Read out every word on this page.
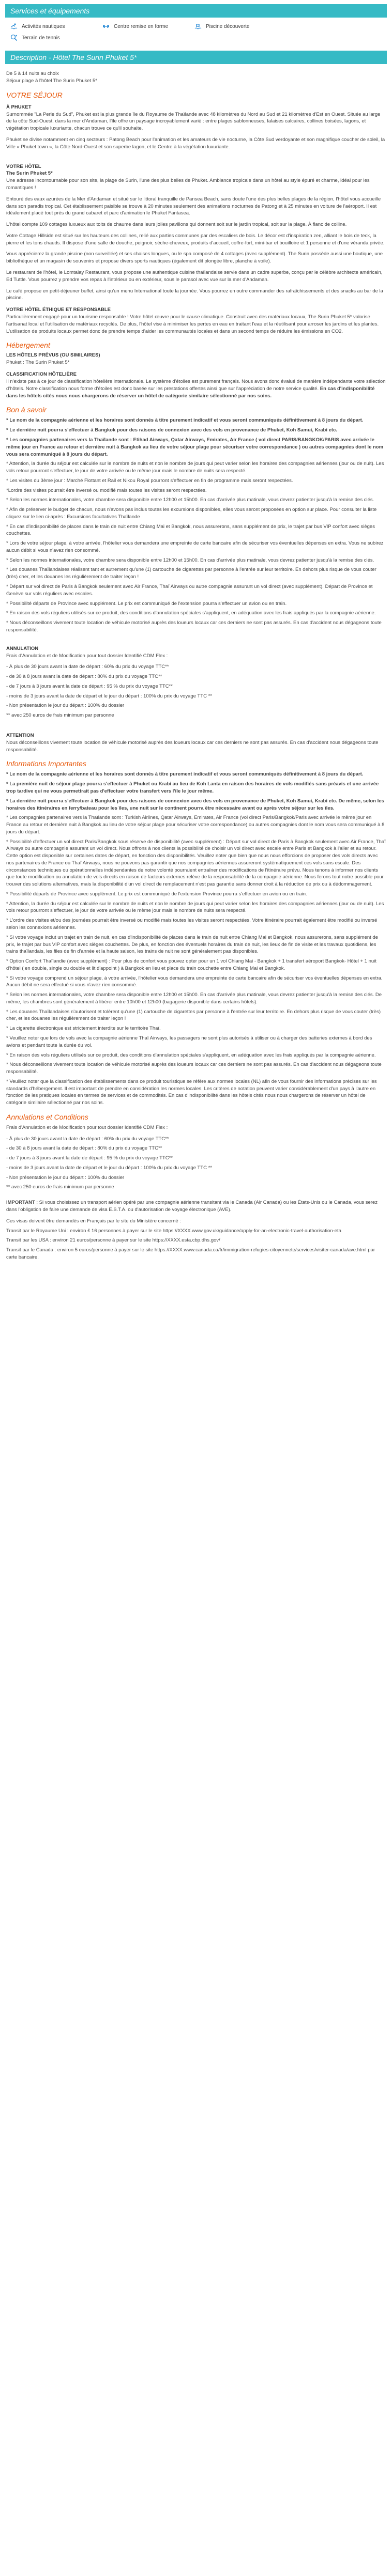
Services et équipements
Activités nautiques	Centre remise en forme	Piscine découverte
Terrain de tennis
Description - Hôtel The Surin Phuket 5*

De 5 à 14 nuits au choix

Séjour plage à l'hôtel The Surin Phuket 5*

VOTRE SÉJOUR
À PHUKET

Surnommée "La Perle du Sud", Phuket est la plus grande île du Royaume de Thaïlande avec 48 kilomètres du Nord au Sud et 21 kilomètres d'Est en Ouest. Située au large de la côte Sud-Ouest, dans la mer d'Andaman, l'île offre un paysage incroyablement varié : entre plages sablonneuses, falaises calcaires, collines boisées, lagons, et végétation tropicale luxuriante, chacun trouve ce qu'il souhaite.

Phuket se divise notamment en cinq secteurs : Patong Beach pour l'animation et les amateurs de vie nocturne, la Côte Sud verdoyante et son magnifique coucher de soleil, la Ville « Phuket town », la Côte Nord-Ouest et son superbe lagon, et le Centre à la végétation luxuriante.

VOTRE HÔTEL
The Surin Phuket 5*

Une adresse incontournable pour son site, la plage de Surin, l'une des plus belles de Phuket. Ambiance tropicale dans un hôtel au style épuré et charme, idéal pour les romantiques !

Entouré des eaux azurées de la Mer d'Andaman et situé sur le littoral tranquille de Pansea Beach, sans doute l'une des plus belles plages de la région, l'hôtel vous accueille dans son paradis tropical. Cet établissement paisible se trouve à 20 minutes seulement des animations nocturnes de Patong et à 25 minutes en voiture de l'aéroport. Il est idéalement placé tout près du grand cabaret et parc d'animation le Phuket Fantasea.

L'hôtel compte 109 cottages luxueux aux toits de chaume dans leurs jolies pavillons qui donnent soit sur le jardin tropical, soit sur la plage. À flanc de colline.

Votre Cottage Hillside est situé sur les hauteurs des collines, relié aux parties communes par des escaliers de bois. Le décor est d'inspiration zen, alliant le bois de teck, la pierre et les tons chauds. Il dispose d'une salle de douche, peignoir, sèche-cheveux, produits d'accueil, coffre-fort, mini-bar et bouilloire et 1 personne et d'une véranda privée.

Vous apprécierez la grande piscine (non surveillée) et ses chaises longues, ou le spa composé de 4 cottages (avec supplément). The Surin possède aussi une boutique, une bibliothèque et un magasin de souvenirs et propose divers sports nautiques (également dit plongée libre, planche à voile).

Le restaurant de l'hôtel, le Lomtalay Restaurant, vous propose une authentique cuisine thaïlandaise servie dans un cadre superbe, conçu par le célèbre architecte américain, Ed Tuttle. Vous pourrez y prendre vos repas à l'intérieur ou en extérieur, sous le parasol avec vue sur la mer d'Andaman.

Le café propose en petit-déjeuner buffet, ainsi qu'un menu International toute la journée. Vous pourrez en outre commander des rafraîchissements et des snacks au bar de la piscine.

VOTRE HÔTEL ÉTHIQUE ET RESPONSABLE

Particulièrement engagé pour un tourisme responsable ! Votre hôtel œuvre pour le cause climatique. Construit avec des matériaux locaux, The Surin Phuket 5* valorise l'artisanat local et l'utilisation de matériaux recyclés. De plus, l'hôtel vise à minimiser les pertes en eau en traitant l'eau et la réutilisant pour arroser les jardins et les plantes. L'utilisation de produits locaux permet donc de prendre temps d'aider les communautés locales et dans un second temps de réduire les émissions en CO2.

Hébergement
LES HÔTELS PRÉVUS (OU SIMILAIRES)

Phuket : The Surin Phuket 5*

CLASSIFICATION HÔTELIÈRE

Il n'existe pas à ce jour de classification hôtelière internationale. Le système d'étoiles est purement français. Nous avons donc évalué de manière indépendante votre sélection d'hôtels. Notre classification nous forme d'étoiles est donc basée sur les prestations offertes ainsi que sur l'appréciation de notre service qualité. En cas d'indisponibilité dans les hôtels cités nous nous chargerons de réserver un hôtel de catégorie similaire sélectionné par nos soins.

Bon à savoir

* Le nom de la compagnie aérienne et les horaires sont donnés à titre purement indicatif et vous seront communiqués définitivement à 8 jours du départ.

* Le dernière nuit pourra s'effectuer à Bangkok pour des raisons de connexion avec des vols en provenance de Phuket, Koh Samui, Krabi etc.

* Les compagnies partenaires vers la Thaïlande sont : Etihad Airways, Qatar Airways, Emirates, Air France ( vol direct PARIS/BANGKOK/PARIS avec arrivée le même jour en France au retour et dernière nuit à Bangkok au lieu de votre séjour plage pour sécuriser votre correspondance ) ou autres compagnies dont le nom vous sera communiqué à 8 jours du départ.

* Attention, la durée du séjour est calculée sur le nombre de nuits et non le nombre de jours qui peut varier selon les horaires des compagnies aériennes (jour ou de nuit). Les vols retour pourront s'effectuer, le jour de votre arrivée ou le même jour mais le nombre de nuits sera respecté.

* Les visites du 3ème jour : Marché Flottant et Rail et Nikou Royal pourront s'effectuer en fin de programme mais seront respectées.

*Lordre des visites pourrait être inversé ou modifié mais toutes les visites seront respectées.

* Selon les normes internationales, votre chambre sera disponible entre 12h00 et 15h00. En cas d'arrivée plus matinale, vous devrez patienter jusqu'à la remise des clés.

* Afin de préserver le budget de chacun, nous n'avons pas inclus toutes les excursions disponibles, elles vous seront proposées en option sur place. Pour consulter la liste cliquez sur le lien ci-après : Excursions facultatives Thaïlande

* En cas d'indisponibilité de places dans le train de nuit entre Chiang Mai et Bangkok, nous assurerons, sans supplément de prix, le trajet par bus VIP confort avec sièges couchettes.

* Lors de votre séjour plage, à votre arrivée, l'hôtelier vous demandera une empreinte de carte bancaire afin de sécuriser vos éventuelles dépenses en extra. Vous ne subirez aucun débit si vous n'avez rien consommé.

* Selon les normes internationales, votre chambre sera disponible entre 12h00 et 15h00. En cas d'arrivée plus matinale, vous devrez patienter jusqu'à la remise des clés.

* Les douanes Thaïlandaises réalisent tant et autrement qu'une (1) cartouche de cigarettes par personne à l'entrée sur leur territoire. En dehors plus risque de vous couter (très) cher, et les douanes les régulièrement de traiter leçon !

* Départ sur vol direct de Paris à Bangkok seulement avec Air France, Thaï Airways ou autre compagnie assurant un vol direct (avec supplément). Départ de Province et Genève sur vols réguliers avec escales.

* Possibilité départs de Province avec supplément. Le prix est communiqué de l'extension pourra s'effectuer un avion ou en train.

* En raison des vols réguliers utilisés sur ce produit, des conditions d'annulation spéciales s'appliquent, en adéquation avec les frais appliqués par la compagnie aérienne.

* Nous déconseillons vivement toute location de véhicule motorisé auprès des loueurs locaux car ces derniers ne sont pas assurés. En cas d'accident nous dégageons toute responsabilité.

ANNULATION

Frais d'Annulation et de Modification pour tout dossier Identifié CDM Flex :

- À plus de 30 jours avant la date de départ : 60% du prix du voyage TTC**

- de 30 à 8 jours avant la date de départ : 80% du prix du voyage TTC**

- de 7 jours à 3 jours avant la date de départ : 95 % du prix du voyage TTC**

- moins de 3 jours avant la date de départ et le jour du départ : 100% du prix du voyage TTC **

- Non présentation le jour du départ : 100% du dossier

** avec 250 euros de frais minimum par personne

ATTENTION

Nous déconseillons vivement toute location de véhicule motorisé auprès des loueurs locaux car ces derniers ne sont pas assurés. En cas d'accident nous dégageons toute responsabilité.

Informations Importantes

* Le nom de la compagnie aérienne et les horaires sont donnés à titre purement indicatif et vous seront communiqués définitivement à 8 jours du départ.

* La première nuit de séjour plage pourra s'effectuer à Phuket ou Krabi au lieu de Koh Lanta en raison des horaires de vols modifiés sans préavis et une arrivée trop tardive qui ne vous permettrait pas d'effectuer votre transfert vers l'île le jour même.

* La dernière nuit pourra s'effectuer à Bangkok pour des raisons de connexion avec des vols en provenance de Phuket, Koh Samui, Krabi etc. De même, selon les horaires des itinéraires en ferry/bateau pour les îles, une nuit sur le continent pourra être nécessaire avant ou après votre séjour sur les îles.

* Les compagnies partenaires vers la Thaïlande sont : Turkish Airlines, Qatar Airways, Emirates, Air France (vol direct Paris/Bangkok/Paris avec arrivée le même jour en France au retour et dernière nuit à Bangkok au lieu de votre séjour plage pour sécuriser votre correspondance) ou autres compagnies dont le nom vous sera communiqué à 8 jours du départ.

* Possibilité d'effectuer un vol direct Paris/Bangkok sous réserve de disponibilité (avec supplément) : Départ sur vol direct de Paris à Bangkok seulement avec Air France, Thaï Airways ou autre compagnie assurant un vol direct. Nous offrons à nos clients la possibilité de choisir un vol direct avec escale entre Paris et Bangkok à l'aller et au retour. Cette option est disponible sur certaines dates de départ, en fonction des disponibilités. Veuillez noter que bien que nous nous efforcions de proposer des vols directs avec nos partenaires de France ou Thaï Airways, nous ne pouvons pas garantir que nos compagnies aériennes assureront systématiquement ces vols sans escale. Des circonstances techniques ou opérationnelles indépendantes de notre volonté pourraient entraîner des modifications de l'itinéraire prévu. Nous tenons à informer nos clients que toute modification ou annulation de vols directs en raison de facteurs externes relève de la responsabilité de la compagnie aérienne. Nous ferons tout notre possible pour trouver des solutions alternatives, mais la disponibilité d'un vol direct de remplacement n'est pas garantie sans donner droit à la réduction de prix ou à dédommagement.

* Possibilité départs de Province avec supplément. Le prix est communiqué de l'extension Province pourra s'effectuer en avion ou en train.

* Attention, la durée du séjour est calculée sur le nombre de nuits et non le nombre de jours qui peut varier selon les horaires des compagnies aériennes (jour ou de nuit). Les vols retour pourront s'effectuer, le jour de votre arrivée ou le même jour mais le nombre de nuits sera respecté.

* L'ordre des visites et/ou des journées pourrait être inversé ou modifié mais toutes les visites seront respectées. Votre itinéraire pourrait également être modifié ou inversé selon les connexions aériennes.

* Si votre voyage inclut un trajet en train de nuit, en cas d'indisponibilité de places dans le train de nuit entre Chiang Mai et Bangkok, nous assurerons, sans supplément de prix, le trajet par bus VIP confort avec sièges couchettes. De plus, en fonction des éventuels horaires du train de nuit, les lieux de fin de visite et les travaux quotidiens, les trains thaïlandais, les files de fin d'année et la haute saison, les trains de nuit ne sont généralement pas disponibles.

* Option Confort Thaïlandie (avec supplément) : Pour plus de confort vous pouvez opter pour un 1 vol Chiang Mai - Bangkok + 1 transfert aéroport Bangkok- Hôtel + 1 nuit d'hôtel ( en double, single ou double et lit d'appoint ) à Bangkok en lieu et place du train couchette entre Chiang Mai et Bangkok.

* Si votre voyage comprend un séjour plage, à votre arrivée, l'hôtelier vous demandera une empreinte de carte bancaire afin de sécuriser vos éventuelles dépenses en extra. Aucun débit ne sera effectué si vous n'avez rien consommé.

* Selon les normes internationales, votre chambre sera disponible entre 12h00 et 15h00. En cas d'arrivée plus matinale, vous devrez patienter jusqu'à la remise des clés. De même, les chambres sont généralement à libérer entre 10h00 et 12h00 (bagagerie disponible dans certains hôtels).

* Les douanes Thaïlandaises n'autorisent et tolèrent qu'une (1) cartouche de cigarettes par personne à l'entrée sur leur territoire. En dehors plus risque de vous couter (très) cher, et les douanes les régulièrement de traiter leçon !

* La cigarette électronique est strictement interdite sur le territoire Thaï.

* Veuillez noter que lors de vols avec la compagnie aérienne Thaï Airways, les passagers ne sont plus autorisés à utiliser ou à charger des batteries externes à bord des avions et pendant toute la durée du vol.

* En raison des vols réguliers utilisés sur ce produit, des conditions d'annulation spéciales s'appliquent, en adéquation avec les frais appliqués par la compagnie aérienne.

* Nous déconseillons vivement toute location de véhicule motorisé auprès des loueurs locaux car ces derniers ne sont pas assurés. En cas d'accident nous dégageons toute responsabilité.

* Veuillez noter que la classification des établissements dans ce produit touristique se réfère aux normes locales (NL) afin de vous fournir des informations précises sur les standards d'hébergement. Il est important de prendre en considération les normes locales. Les critères de notation peuvent varier considérablement d'un pays à l'autre en fonction de les pratiques locales en termes de services et de commodités. En cas d'indisponibilité dans les hôtels cités nous nous chargerons de réserver un hôtel de catégorie similaire sélectionné par nos soins.

Annulations et Conditions

Frais d'Annulation et de Modification pour tout dossier Identifié CDM Flex :

- À plus de 30 jours avant la date de départ : 60% du prix du voyage TTC**

- de 30 à 8 jours avant la date de départ : 80% du prix du voyage TTC**

- de 7 jours à 3 jours avant la date de départ : 95 % du prix du voyage TTC**

- moins de 3 jours avant la date de départ et le jour du départ : 100% du prix du voyage TTC **

- Non présentation le jour du départ : 100% du dossier

** avec 250 euros de frais minimum par personne

IMPORTANT : Si vous choisissez un transport aérien opéré par une compagnie aérienne transitant via le Canada (Air Canada) ou les États-Unis ou le Canada, vous serez dans l'obligation de faire une demande de visa E.S.T.A. ou d'autorisation de voyage électronique (AVE).

Ces visas doivent être demandés en Français par le site du Ministère concerné :

Transit par le Royaume Uni : environ £ 16 personnes à payer sur le site https://XXXX.www.gov.uk/guidance/apply-for-an-electronic-travel-authorisation-eta

Transit par les USA : environ 21 euros/personne à payer sur le site https://XXXX.esta.cbp.dhs.gov/

Transit par le Canada : environ 5 euros/personne à payer sur le site https://XXXX.www.canada.ca/fr/immigration-refugies-citoyennete/services/visiter-canada/ave.html par carte bancaire.
